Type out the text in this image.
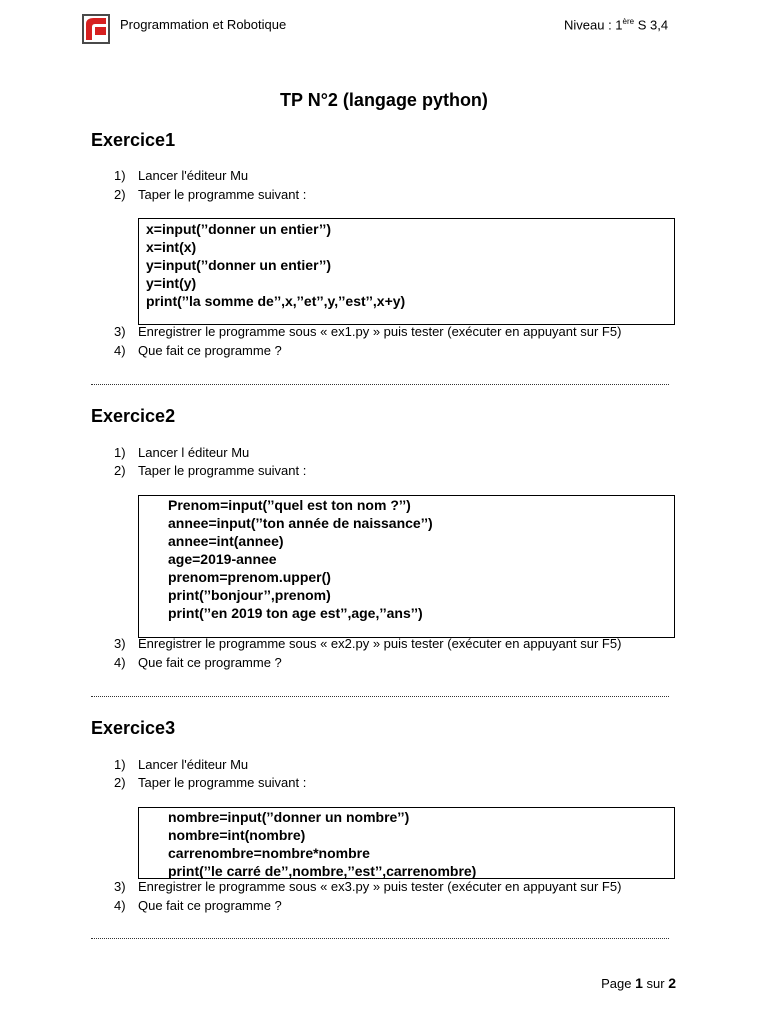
Programmation et Robotique	Niveau : 1ère S 3,4
TP N°2 (langage python)
Exercice1
1) Lancer l'éditeur Mu
2) Taper le programme suivant :
x=input(’’donner un entier’’)
x=int(x)
y=input(’’donner un entier’’)
y=int(y)
print(’’la somme de’’,x,’’et’’,y,’’est’’,x+y)
3) Enregistrer le programme sous « ex1.py » puis tester (exécuter en appuyant sur F5)
4) Que fait ce programme ?
Exercice2
1) Lancer l éditeur Mu
2) Taper le programme suivant :
Prenom=input(’’quel est ton nom ?’’)
annee=input(’’ton année de naissance’’)
annee=int(annee)
age=2019-annee
prenom=prenom.upper()
print(’’bonjour’’,prenom)
print(’’en 2019 ton age est’’,age,’’ans’’)
3) Enregistrer le programme sous « ex2.py » puis tester (exécuter en appuyant sur F5)
4) Que fait ce programme ?
Exercice3
1) Lancer l'éditeur Mu
2) Taper le programme suivant :
nombre=input(’’donner un nombre’’)
nombre=int(nombre)
carrenombre=nombre*nombre
print(’’le carré de’’,nombre,’’est’’,carrenombre)
3) Enregistrer le programme sous « ex3.py » puis tester (exécuter en appuyant sur F5)
4) Que fait ce programme ?
Page 1 sur 2
